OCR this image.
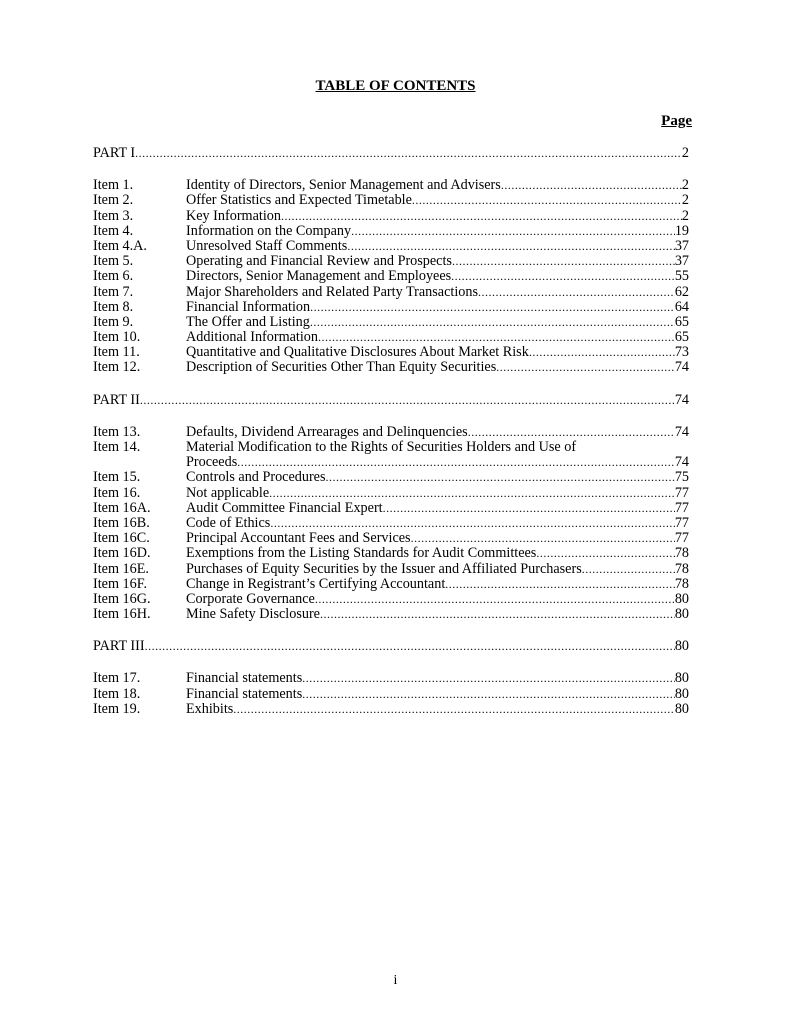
TABLE OF CONTENTS
Page
PART I .....	2
Item 1.	Identity of Directors, Senior Management and Advisers .....	2
Item 2.	Offer Statistics and Expected Timetable .....	2
Item 3.	Key Information .....	2
Item 4.	Information on the Company .....	19
Item 4.A.	Unresolved Staff Comments .....	37
Item 5.	Operating and Financial Review and Prospects .....	37
Item 6.	Directors, Senior Management and Employees .....	55
Item 7.	Major Shareholders and Related Party Transactions .....	62
Item 8.	Financial Information .....	64
Item 9.	The Offer and Listing .....	65
Item 10.	Additional Information .....	65
Item 11.	Quantitative and Qualitative Disclosures About Market Risk .....	73
Item 12.	Description of Securities Other Than Equity Securities .....	74
PART II .....	74
Item 13.	Defaults, Dividend Arrearages and Delinquencies .....	74
Item 14.	Material Modification to the Rights of Securities Holders and Use of
Proceeds .....	74
Item 15.	Controls and Procedures .....	75
Item 16.	Not applicable .....	77
Item 16A.	Audit Committee Financial Expert .....	77
Item 16B.	Code of Ethics .....	77
Item 16C.	Principal Accountant Fees and Services .....	77
Item 16D.	Exemptions from the Listing Standards for Audit Committees .....	78
Item 16E.	Purchases of Equity Securities by the Issuer and Affiliated Purchasers .....	78
Item 16F.	Change in Registrant’s Certifying Accountant .....	78
Item 16G.	Corporate Governance .....	80
Item 16H.	Mine Safety Disclosure .....	80
PART III .....	80
Item 17.	Financial statements .....	80
Item 18.	Financial statements .....	80
Item 19.	Exhibits .....	80
i
